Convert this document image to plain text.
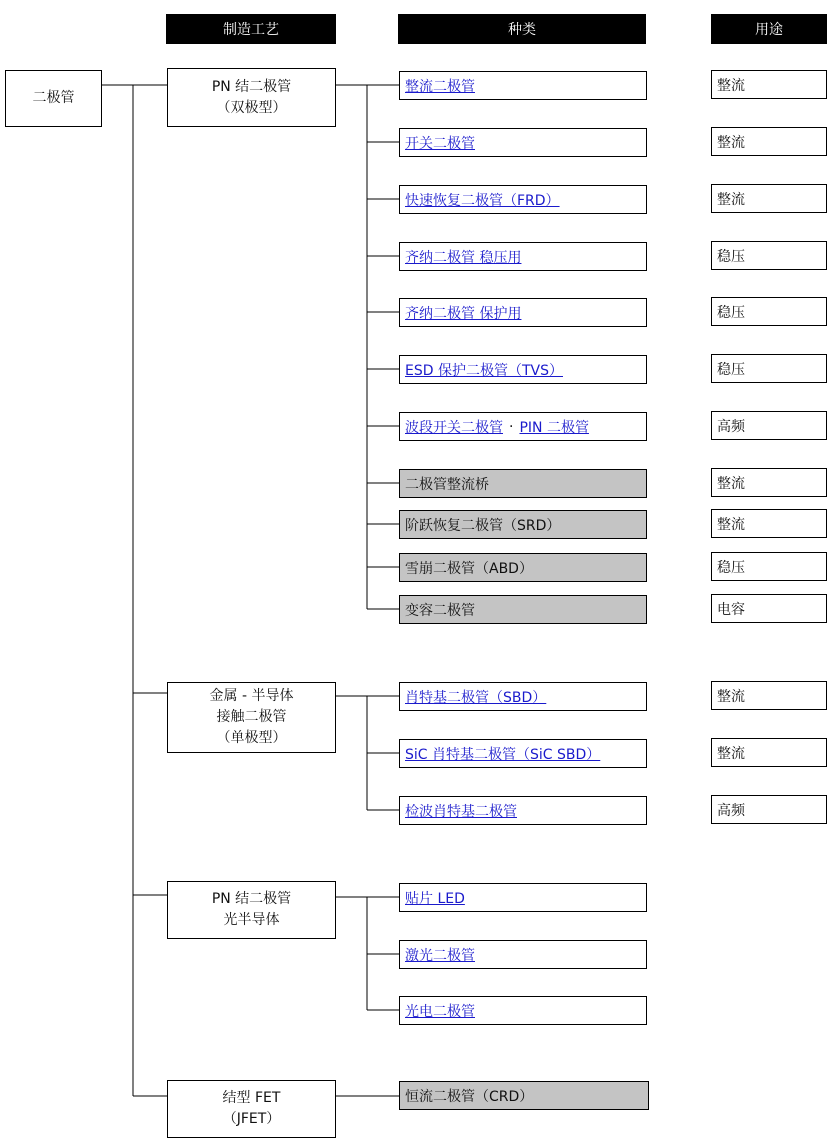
制造工艺	种类	用途
二极管
PN 结二极管
（双极型）
金属 - 半导体
接触二极管
（单极型）
PN 结二极管
光半导体
结型 FET
（JFET）
整流二极管
开关二极管
快速恢复二极管（FRD）
齐纳二极管 稳压用
齐纳二极管 保护用
ESD 保护二极管（TVS）
波段开关二极管 · PIN 二极管
二极管整流桥
阶跃恢复二极管（SRD）
雪崩二极管（ABD）
变容二极管
肖特基二极管（SBD）
SiC 肖特基二极管（SiC SBD）
检波肖特基二极管
贴片 LED
激光二极管
光电二极管
恒流二极管（CRD）
整流
整流
整流
稳压
稳压
稳压
高频
整流
整流
稳压
电容
整流
整流
高频
